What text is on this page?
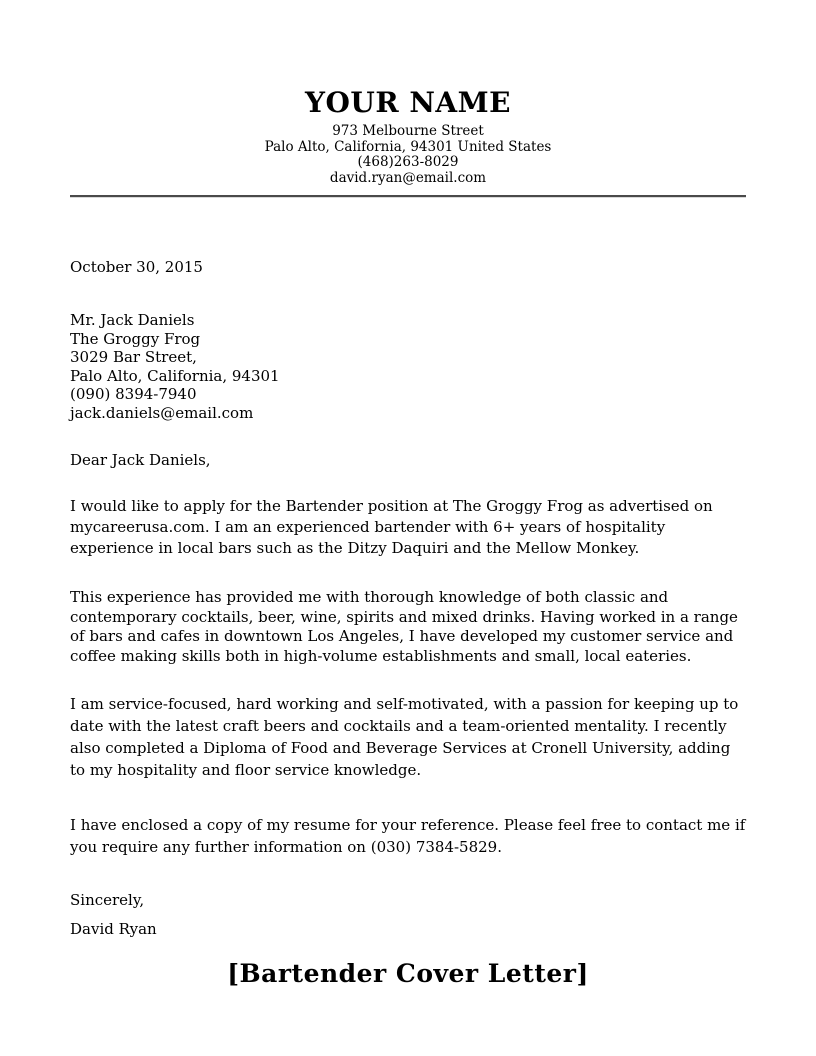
YOUR NAME
973 Melbourne Street
Palo Alto, California, 94301 United States
(468)263-8029
david.ryan@email.com
October 30, 2015
Mr. Jack Daniels
The Groggy Frog
3029 Bar Street,
Palo Alto, California, 94301
(090) 8394-7940
jack.daniels@email.com
Dear Jack Daniels,

I would like to apply for the Bartender position at The Groggy Frog as advertised on mycareerusa.com. I am an experienced bartender with 6+ years of hospitality experience in local bars such as the Ditzy Daquiri and the Mellow Monkey.

This experience has provided me with thorough knowledge of both classic and contemporary cocktails, beer, wine, spirits and mixed drinks. Having worked in a range of bars and cafes in downtown Los Angeles, I have developed my customer service and coffee making skills both in high-volume establishments and small, local eateries.

I am service-focused, hard working and self-motivated, with a passion for keeping up to date with the latest craft beers and cocktails and a team-oriented mentality. I recently also completed a Diploma of Food and Beverage Services at Cronell University, adding to my hospitality and floor service knowledge.

I have enclosed a copy of my resume for your reference. Please feel free to contact me if you require any further information on (030) 7384-5829.

Sincerely,
David Ryan
[Bartender Cover Letter]
